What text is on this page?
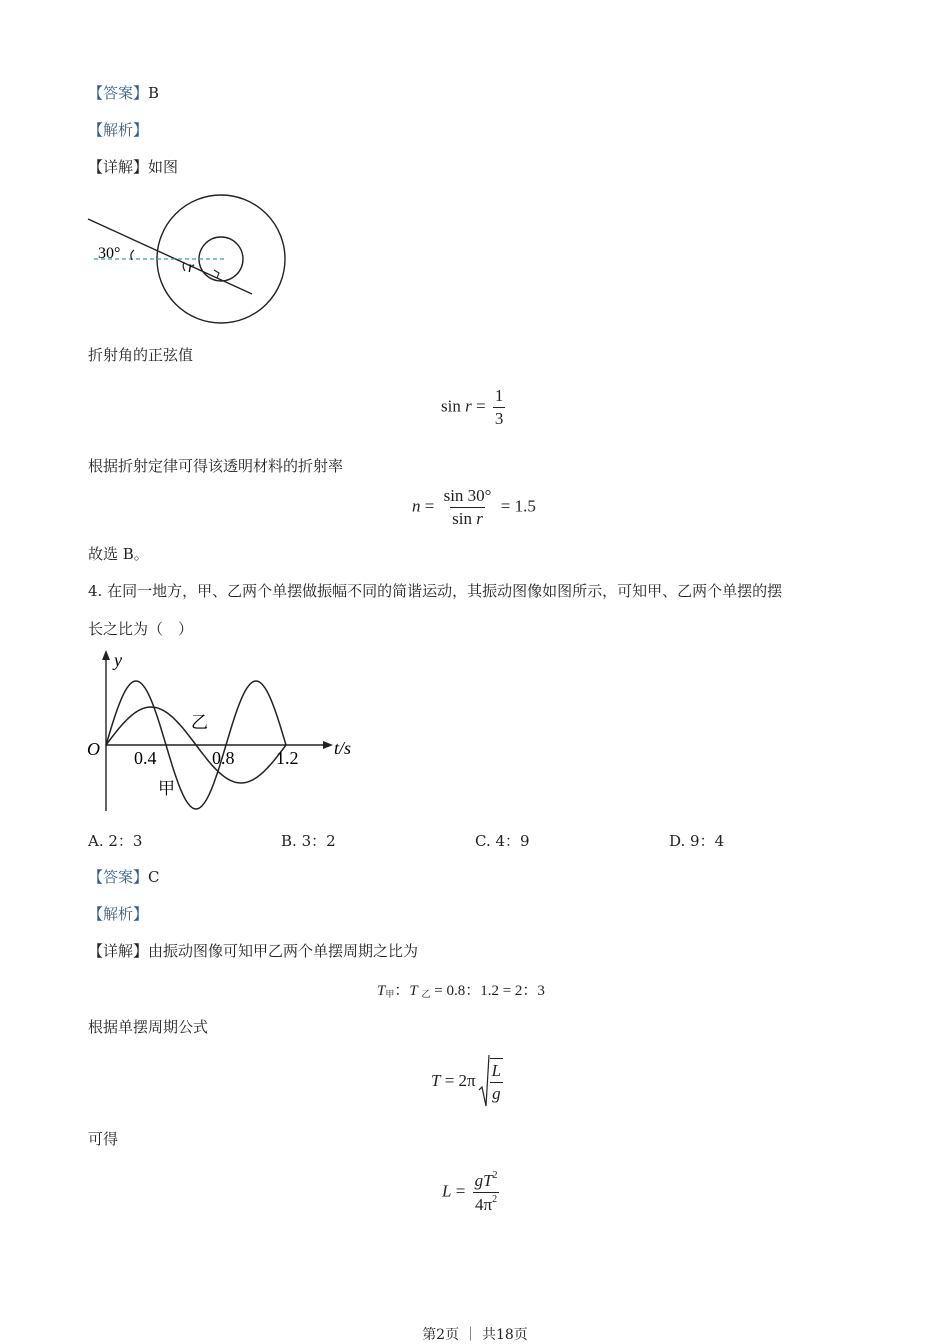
【答案】B
【解析】
【详解】如图
30°
r
折射角的正弦值
$\sin r = \frac{1}{3}$
根据折射定律可得该透明材料的折射率
$n = \frac{\sin 30^\circ}{\text{sin r}} = 1.5$
故选 B。
4. 在同一地方，甲、乙两个单摆做振幅不同的简谐运动，其振动图像如图所示，可知甲、乙两个单摆的摆
长之比为（　）
y
t/s
O 0.4	0.8 1.2
乙
甲
A. 2：3	B. 3：2	C. 4：9	D. 9：4
【答案】C
【解析】
【详解】由振动图像可知甲乙两个单摆周期之比为
$T_甲$：T $_乙$ = 0.8：1.2 = 2：3
根据单摆周期公式
T
= $2\pi \frac{L}{g}$
可得
$L = \frac{gT^2}{4\pi^2}$
第2页 ｜ 共18页
